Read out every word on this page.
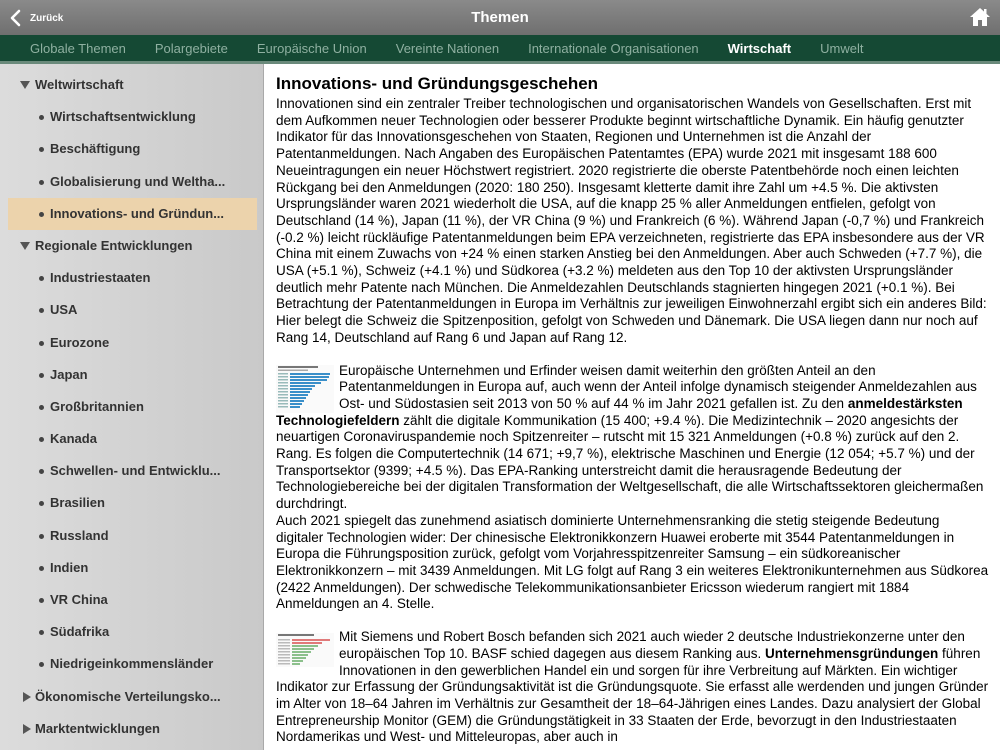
Zurück	Themen
Globale Themen Polargebiete Europäische Union Vereinte Nationen Internationale Organisationen Wirtschaft Umwelt
Weltwirtschaft
Wirtschaftsentwicklung
Beschäftigung
Globalisierung und Weltha...
Innovations- und Gründun...
Regionale Entwicklungen
Industriestaaten
USA
Eurozone
Japan
Großbritannien
Kanada
Schwellen- und Entwicklu...
Brasilien
Russland
Indien
VR China
Südafrika
Niedrigeinkommensländer
Ökonomische Verteilungsko...
Marktentwicklungen
Innovations- und Gründungsgeschehen

Innovationen sind ein zentraler Treiber technologischen und organisatorischen Wandels von Gesellschaften. Erst mit dem Aufkommen neuer Technologien oder besserer Produkte beginnt wirtschaftliche Dynamik. Ein häufig genutzter Indikator für das Innovationsgeschehen von Staaten, Regionen und Unternehmen ist die Anzahl der Patentanmeldungen. Nach Angaben des Europäischen Patentamtes (EPA) wurde 2021 mit insgesamt 188 600 Neueintragungen ein neuer Höchstwert registriert. 2020 registrierte die oberste Patentbehörde noch einen leichten Rückgang bei den Anmeldungen (2020: 180 250). Insgesamt kletterte damit ihre Zahl um +4.5 %. Die aktivsten Ursprungsländer waren 2021 wiederholt die USA, auf die knapp 25 % aller Anmeldungen entfielen, gefolgt von Deutschland (14 %), Japan (11 %), der VR China (9 %) und Frankreich (6 %). Während Japan (-0,7 %) und Frankreich (-0.2 %) leicht rückläufige Patentanmeldungen beim EPA verzeichneten, registrierte das EPA insbesondere aus der VR China mit einem Zuwachs von +24 % einen starken Anstieg bei den Anmeldungen. Aber auch Schweden (+7.7 %), die USA (+5.1 %), Schweiz (+4.1 %) und Südkorea (+3.2 %) meldeten aus den Top 10 der aktivsten Ursprungsländer deutlich mehr Patente nach München. Die Anmeldezahlen Deutschlands stagnierten hingegen 2021 (+0.1 %). Bei Betrachtung der Patentanmeldungen in Europa im Verhältnis zur jeweiligen Einwohnerzahl ergibt sich ein anderes Bild: Hier belegt die Schweiz die Spitzenposition, gefolgt von Schweden und Dänemark. Die USA liegen dann nur noch auf Rang 14, Deutschland auf Rang 6 und Japan auf Rang 12.

Europäische Unternehmen und Erfinder weisen damit weiterhin den größten Anteil an den Patentanmeldungen in Europa auf, auch wenn der Anteil infolge dynamisch steigender Anmeldezahlen aus Ost- und Südostasien seit 2013 von 50 % auf 44 % im Jahr 2021 gefallen ist. Zu den anmeldestärksten Technologiefeldern zählt die digitale Kommunikation (15 400; +9.4 %). Die Medizintechnik – 2020 angesichts der neuartigen Coronaviruspandemie noch Spitzenreiter – rutscht mit 15 321 Anmeldungen (+0.8 %) zurück auf den 2. Rang. Es folgen die Computertechnik (14 671; +9,7 %), elektrische Maschinen und Energie (12 054; +5.7 %) und der Transportsektor (9399; +4.5 %). Das EPA-Ranking unterstreicht damit die herausragende Bedeutung der Technologiebereiche bei der digitalen Transformation der Weltgesellschaft, die alle Wirtschaftssektoren gleichermaßen durchdringt.

Auch 2021 spiegelt das zunehmend asiatisch dominierte Unternehmensranking die stetig steigende Bedeutung digitaler Technologien wider: Der chinesische Elektronikkonzern Huawei eroberte mit 3544 Patentanmeldungen in Europa die Führungsposition zurück, gefolgt vom Vorjahresspitzenreiter Samsung – ein südkoreanischer Elektronikkonzern – mit 3439 Anmeldungen. Mit LG folgt auf Rang 3 ein weiteres Elektronikunternehmen aus Südkorea (2422 Anmeldungen). Der schwedische Telekommunikationsanbieter Ericsson wiederum rangiert mit 1884 Anmeldungen an 4. Stelle.

Mit Siemens und Robert Bosch befanden sich 2021 auch wieder 2 deutsche Industriekonzerne unter den europäischen Top 10. BASF schied dagegen aus diesem Ranking aus. Unternehmensgründungen führen Innovationen in den gewerblichen Handel ein und sorgen für ihre Verbreitung auf Märkten. Ein wichtiger Indikator zur Erfassung der Gründungsaktivität ist die Gründungsquote. Sie erfasst alle werdenden und jungen Gründer im Alter von 18–64 Jahren im Verhältnis zur Gesamtheit der 18–64-Jährigen eines Landes. Dazu analysiert der Global Entrepreneurship Monitor (GEM) die Gründungstätigkeit in 33 Staaten der Erde, bevorzugt in den Industriestaaten Nordamerikas und West- und Mitteleuropas, aber auch in
